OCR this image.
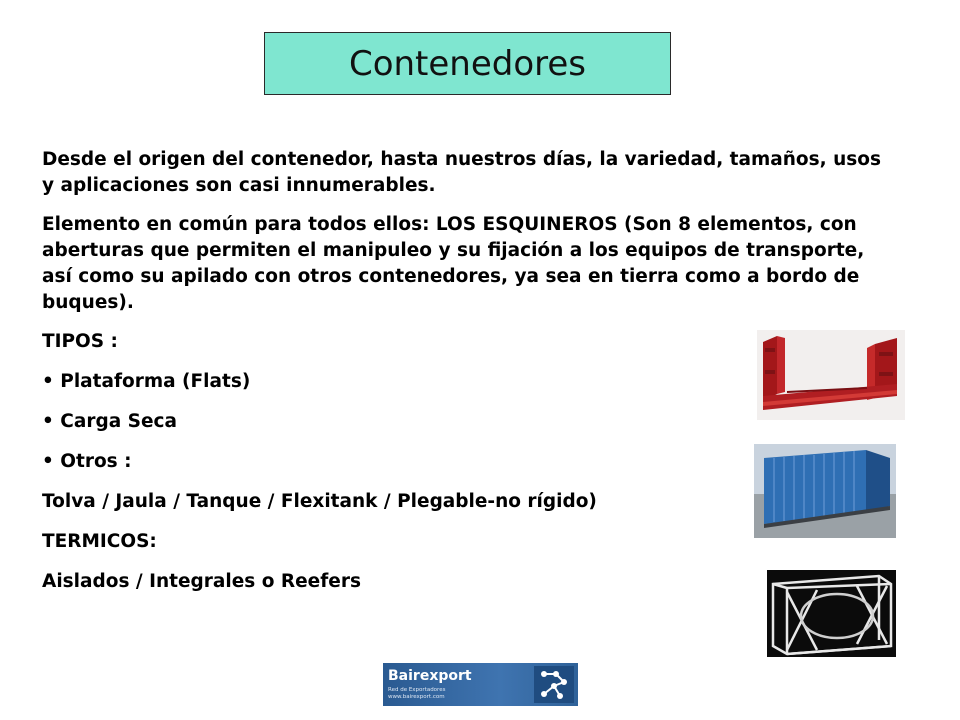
Contenedores

Desde el origen del contenedor, hasta nuestros días, la variedad, tamaños, usos y aplicaciones son casi innumerables.

Elemento en común para todos ellos: LOS ESQUINEROS (Son 8 elementos, con aberturas que permiten el manipuleo y su fijación a los equipos de transporte, así como su apilado con otros contenedores, ya sea en tierra como a bordo de buques).

TIPOS :

• Plataforma (Flats)

• Carga Seca

• Otros :

Tolva / Jaula / Tanque / Flexitank / Plegable-no rígido)

TERMICOS:

Aislados / Integrales o Reefers

Bairexport
Red de Exportadores
www.bairexport.com
